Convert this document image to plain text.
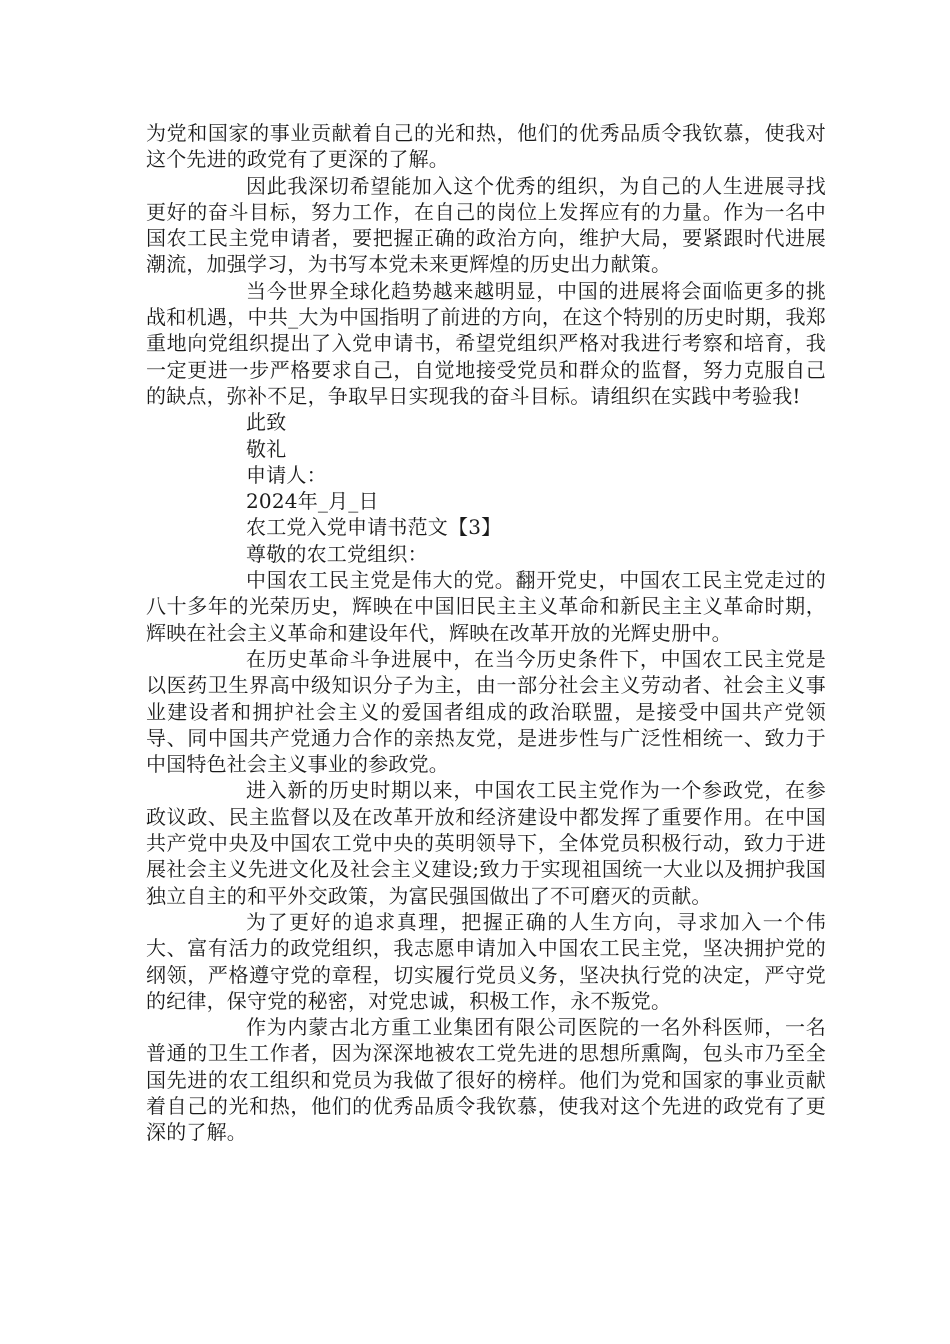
为党和国家的事业贡献着自己的光和热，他们的优秀品质令我钦慕，使我对这个先进的政党有了更深的了解。

因此我深切希望能加入这个优秀的组织，为自己的人生进展寻找更好的奋斗目标，努力工作，在自己的岗位上发挥应有的力量。作为一名中国农工民主党申请者，要把握正确的政治方向，维护大局，要紧跟时代进展潮流，加强学习，为书写本党未来更辉煌的历史出力献策。

当今世界全球化趋势越来越明显，中国的进展将会面临更多的挑战和机遇，中共_大为中国指明了前进的方向，在这个特别的历史时期，我郑重地向党组织提出了入党申请书，希望党组织严格对我进行考察和培育，我一定更进一步严格要求自己，自觉地接受党员和群众的监督，努力克服自己的缺点，弥补不足，争取早日实现我的奋斗目标。请组织在实践中考验我!

此致

敬礼

申请人：

2024年_月_日

农工党入党申请书范文【3】

尊敬的农工党组织：

中国农工民主党是伟大的党。翻开党史，中国农工民主党走过的八十多年的光荣历史，辉映在中国旧民主主义革命和新民主主义革命时期，辉映在社会主义革命和建设年代，辉映在改革开放的光辉史册中。

在历史革命斗争进展中，在当今历史条件下，中国农工民主党是以医药卫生界高中级知识分子为主，由一部分社会主义劳动者、社会主义事业建设者和拥护社会主义的爱国者组成的政治联盟，是接受中国共产党领导、同中国共产党通力合作的亲热友党，是进步性与广泛性相统一、致力于中国特色社会主义事业的参政党。

进入新的历史时期以来，中国农工民主党作为一个参政党，在参政议政、民主监督以及在改革开放和经济建设中都发挥了重要作用。在中国共产党中央及中国农工党中央的英明领导下，全体党员积极行动，致力于进展社会主义先进文化及社会主义建设;致力于实现祖国统一大业以及拥护我国独立自主的和平外交政策，为富民强国做出了不可磨灭的贡献。

为了更好的追求真理，把握正确的人生方向，寻求加入一个伟大、富有活力的政党组织，我志愿申请加入中国农工民主党，坚决拥护党的纲领，严格遵守党的章程，切实履行党员义务，坚决执行党的决定，严守党的纪律，保守党的秘密，对党忠诚，积极工作，永不叛党。

作为内蒙古北方重工业集团有限公司医院的一名外科医师，一名普通的卫生工作者，因为深深地被农工党先进的思想所熏陶，包头市乃至全国先进的农工组织和党员为我做了很好的榜样。他们为党和国家的事业贡献着自己的光和热，他们的优秀品质令我钦慕，使我对这个先进的政党有了更深的了解。
